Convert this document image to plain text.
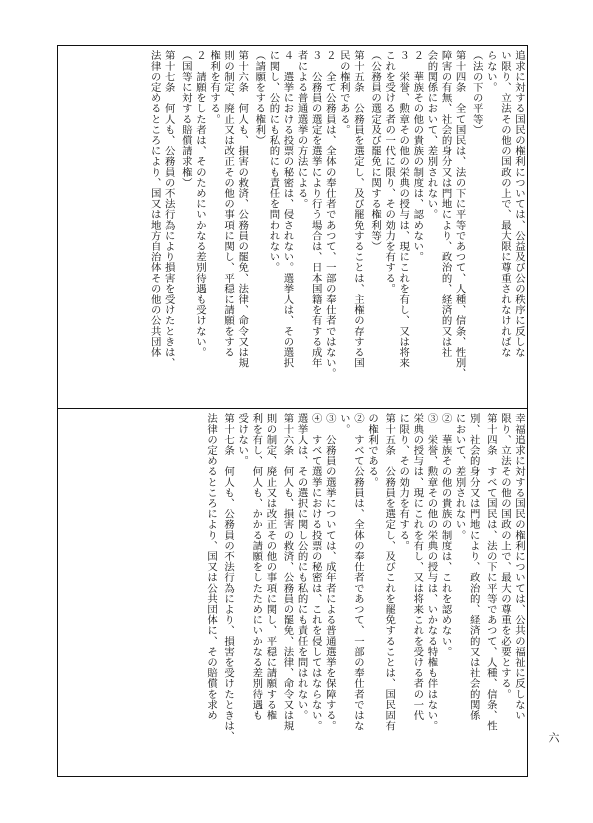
追求に対する国民の権利については、公益及び公の秩序に反しな
い限り、立法その他の国政の上で、最大限に尊重されなければな
らない。
（法の下の平等）
第十四条　全て国民は、法の下に平等であつて、人種、信条、性別、
障害の有無、社会的身分又は門地により、政治的、経済的又は社
会的関係において、差別されない。
２　華族その他の貴族の制度は、認めない。
３　栄誉、勲章その他の栄典の授与は、現にこれを有し、又は将来
これを受ける者の一代に限り、その効力を有する。
（公務員の選定及び罷免に関する権利等）
第十五条　公務員を選定し、及び罷免することは、主権の存する国
民の権利である。
２　全て公務員は、全体の奉仕者であつて、一部の奉仕者ではない。
３　公務員の選定を選挙により行う場合は、日本国籍を有する成年
者による普通選挙の方法による。
４　選挙における投票の秘密は、侵されない。選挙人は、その選択
に関し、公的にも私的にも責任を問われない。
（請願をする権利）
第十六条　何人も、損害の救済、公務員の罷免、法律、命令又は規
則の制定、廃止又は改正その他の事項に関し、平穏に請願をする
権利を有する。
２　請願をした者は、そのためにいかなる差別待遇も受けない。
（国等に対する賠償請求権）
第十七条　何人も、公務員の不法行為により損害を受けたときは、
法律の定めるところにより、国又は地方自治体その他の公共団体
幸福追求に対する国民の権利については、公共の福祉に反しない
限り、立法その他の国政の上で、最大の尊重を必要とする。
第十四条　すべて国民は、法の下に平等であつて、人種、信条、性
別、社会的身分又は門地により、政治的、経済的又は社会的関係
において、差別されない。
②　華族その他の貴族の制度は、これを認めない。
③　栄誉、勲章その他の栄典の授与は、いかなる特権も伴はない。
栄典の授与は、現にこれを有し、又は将来これを受ける者の一代
に限り、その効力を有する。
第十五条　公務員を選定し、及びこれを罷免することは、国民固有
の権利である。
②　すべて公務員は、全体の奉仕者であつて、一部の奉仕者ではな
い。
③　公務員の選挙については、成年者による普通選挙を保障する。
④　すべて選挙における投票の秘密は、これを侵してはならない。
選挙人は、その選択に関し公的にも私的にも責任を問はれない。
第十六条　何人も、損害の救済、公務員の罷免、法律、命令又は規
則の制定、廃止又は改正その他の事項に関し、平穏に請願する権
利を有し、何人も、かかる請願をしたためにいかなる差別待遇も
受けない。
第十七条　何人も、公務員の不法行為により、損害を受けたときは、
法律の定めるところにより、国又は公共団体に、その賠償を求め
六
